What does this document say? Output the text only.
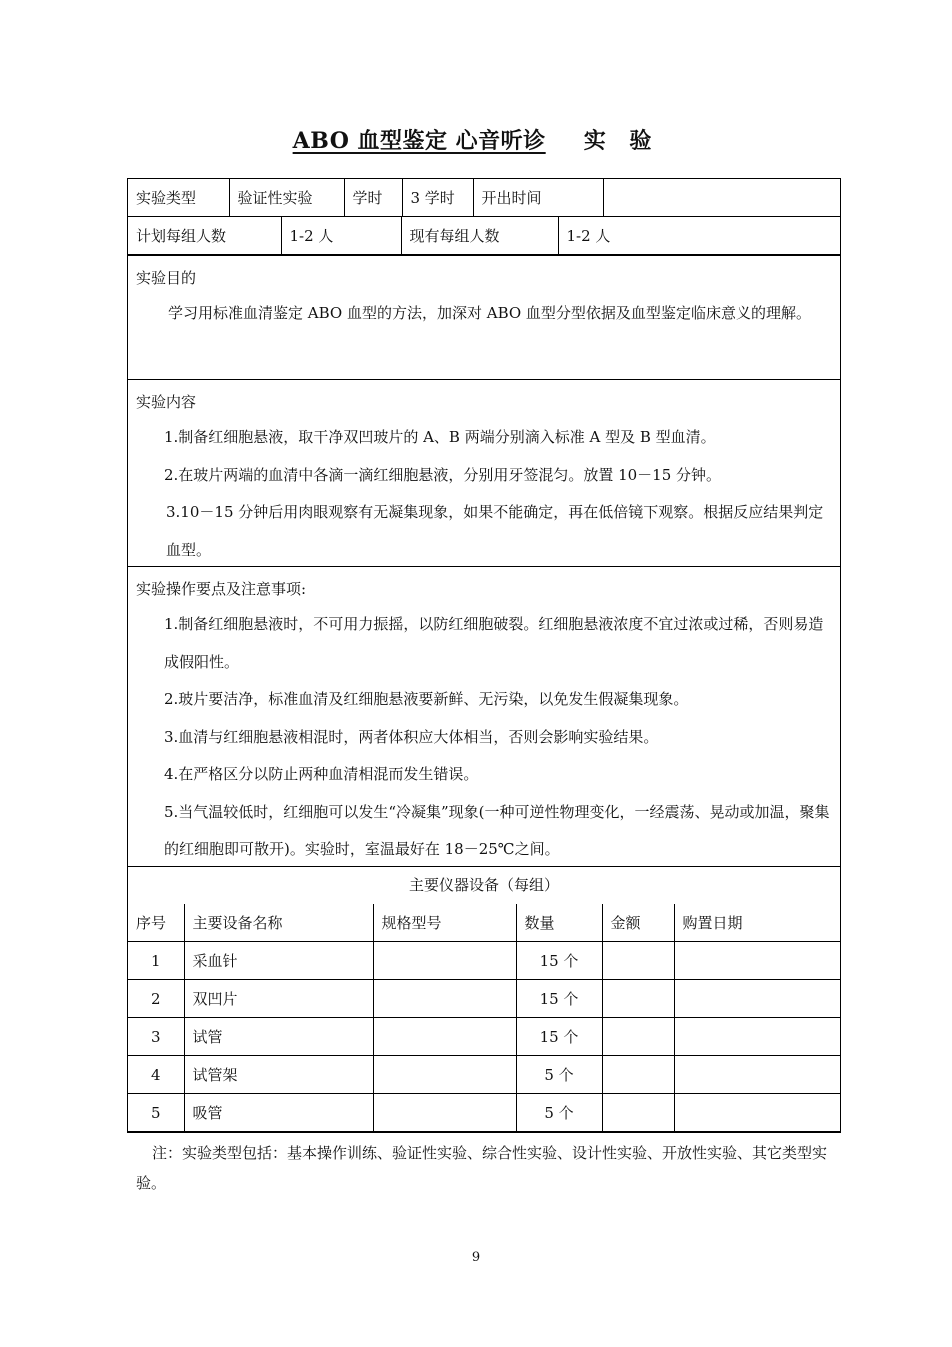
ABO 血型鉴定 心音听诊 实 验
实验类型	验证性实验	学时	3 学时	开出时间	
计划每组人数	1-2 人	现有每组人数	1-2 人
实验目的

学习用标准血清鉴定 ABO 血型的方法，加深对 ABO 血型分型依据及血型鉴定临床意义的理解。

实验内容

1.制备红细胞悬液，取干净双凹玻片的 A、B 两端分别滴入标准 A 型及 B 型血清。

2.在玻片两端的血清中各滴一滴红细胞悬液，分别用牙签混匀。放置 10－15 分钟。

3.10－15 分钟后用肉眼观察有无凝集现象，如果不能确定，再在低倍镜下观察。根据反应结果判定血型。

实验操作要点及注意事项:

1.制备红细胞悬液时，不可用力振摇，以防红细胞破裂。红细胞悬液浓度不宜过浓或过稀，否则易造成假阳性。

2.玻片要洁净，标准血清及红细胞悬液要新鲜、无污染，以免发生假凝集现象。

3.血清与红细胞悬液相混时，两者体积应大体相当，否则会影响实验结果。

4.在严格区分以防止两种血清相混而发生错误。

5.当气温较低时，红细胞可以发生“冷凝集”现象(一种可逆性物理变化，一经震荡、晃动或加温，聚集的红细胞即可散开)。实验时，室温最好在 18－25℃之间。

主要仪器设备（每组）
序号	主要设备名称	规格型号	数量	金额	购置日期
1	采血针		15 个		
2	双凹片		15 个		
3	试管		15 个		
4	试管架		5 个		
5	吸管		5 个		
注：实验类型包括：基本操作训练、验证性实验、综合性实验、设计性实验、开放性实验、其它类型实验。
9
